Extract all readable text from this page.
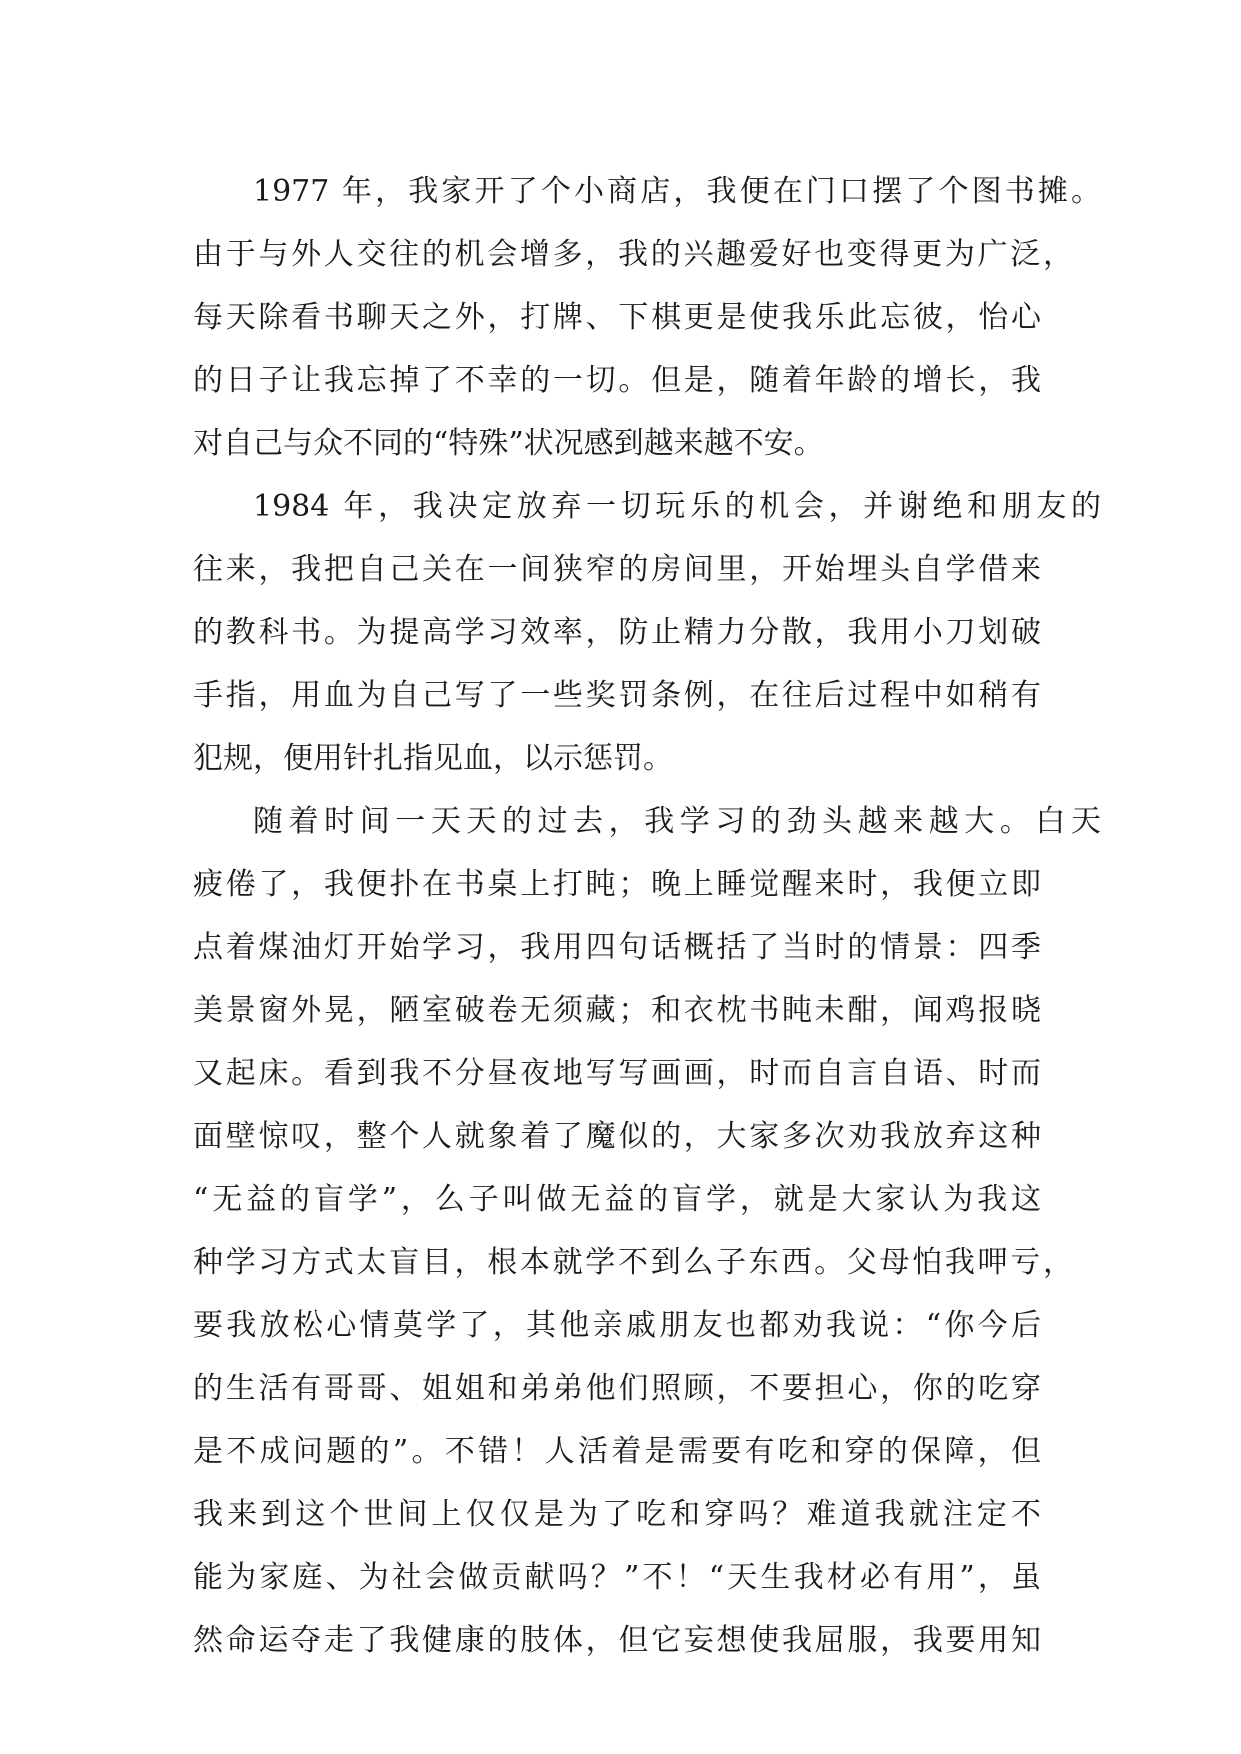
1977 年，我家开了个小商店，我便在门口摆了个图书摊。
由于与外人交往的机会增多，我的兴趣爱好也变得更为广泛，
每天除看书聊天之外，打牌、下棋更是使我乐此忘彼，怡心
的日子让我忘掉了不幸的一切。但是，随着年龄的增长，我
对自己与众不同的“特殊”状况感到越来越不安。
1984 年，我决定放弃一切玩乐的机会，并谢绝和朋友的
往来，我把自己关在一间狭窄的房间里，开始埋头自学借来
的教科书。为提高学习效率，防止精力分散，我用小刀划破
手指，用血为自己写了一些奖罚条例，在往后过程中如稍有
犯规，便用针扎指见血，以示惩罚。
随着时间一天天的过去，我学习的劲头越来越大。白天
疲倦了，我便扑在书桌上打盹；晚上睡觉醒来时，我便立即
点着煤油灯开始学习，我用四句话概括了当时的情景：四季
美景窗外晃，陋室破卷无须藏；和衣枕书盹未酣，闻鸡报晓
又起床。看到我不分昼夜地写写画画，时而自言自语、时而
面壁惊叹，整个人就象着了魔似的，大家多次劝我放弃这种
“无益的盲学”，么子叫做无益的盲学，就是大家认为我这
种学习方式太盲目，根本就学不到么子东西。父母怕我呷亏，
要我放松心情莫学了，其他亲戚朋友也都劝我说：“你今后
的生活有哥哥、姐姐和弟弟他们照顾，不要担心，你的吃穿
是不成问题的”。不错！人活着是需要有吃和穿的保障，但
我来到这个世间上仅仅是为了吃和穿吗？难道我就注定不
能为家庭、为社会做贡献吗？”不！“天生我材必有用”，虽
然命运夺走了我健康的肢体，但它妄想使我屈服，我要用知
